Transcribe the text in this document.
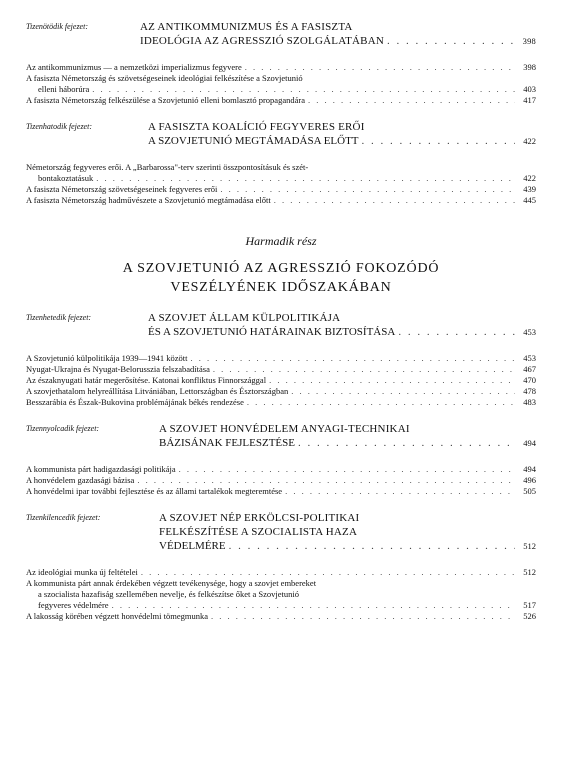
Tizenötödik fejezet:	AZ ANTIKOMMUNIZMUS ÉS A FASISZTA
IDEOLÓGIA AZ AGRESSZIÓ SZOLGÁLATÁBAN . . .	398
Az antikommunizmus — a nemzetközi imperializmus fegyvere . . .	398
A fasiszta Németország és szövetségeseinek ideológiai felkészítése a Szovjetunió
elleni háborúra . . .	403
A fasiszta Németország felkészülése a Szovjetunió elleni bomlasztó propagandára . . .	417
Tizenhatodik fejezet:	A FASISZTA KOALÍCIÓ FEGYVERES ERŐI
A SZOVJETUNIÓ MEGTÁMADÁSA ELŐTT . . .	422
Németország fegyveres erői. A „Barbarossa"-terv szerinti összpontosításuk és szét-
bontakoztatásuk . . .	422
A fasiszta Németország szövetségeseinek fegyveres erői . . .	439
A fasiszta Németország hadművészete a Szovjetunió megtámadása előtt . . .	445
Harmadik rész
A SZOVJETUNIÓ AZ AGRESSZIÓ FOKOZÓDÓ
VESZÉLYÉNEK IDŐSZAKÁBAN
Tizenhetedik fejezet:	A SZOVJET ÁLLAM KÜLPOLITIKÁJA
ÉS A SZOVJETUNIÓ HATÁRAINAK BIZTOSÍTÁSA . . .	453
A Szovjetunió külpolitikája 1939—1941 között . . .	453
Nyugat-Ukrajna és Nyugat-Belorusszia felszabadítása . . .	467
Az északnyugati határ megerősítése. Katonai konfliktus Finnországgal . . .	470
A szovjethatalom helyreállítása Litvániában, Lettországban és Észtországban . . .	478
Besszarábia és Észak-Bukovina problémájának békés rendezése . . .	483
Tizennyolcadik fejezet:	A SZOVJET HONVÉDELEM ANYAGI-TECHNIKAI
BÁZISÁNAK FEJLESZTÉSE . . .	494
A kommunista párt hadigazdasági politikája . . .	494
A honvédelem gazdasági bázisa . . .	496
A honvédelmi ipar további fejlesztése és az állami tartalékok megteremtése . . .	505
Tizenkilencedik fejezet:	A SZOVJET NÉP ERKÖLCSI-POLITIKAI
FELKÉSZÍTÉSE A SZOCIALISTA HAZA
VÉDELMÉRE . . .	512
Az ideológiai munka új feltételei . . .	512
A kommunista párt annak érdekében végzett tevékenysége, hogy a szovjet embereket
a szocialista hazafiság szellemében nevelje, és felkészítse őket a Szovjetunió
fegyveres védelmére . . .	517
A lakosság körében végzett honvédelmi tömegmunka . . .	526
